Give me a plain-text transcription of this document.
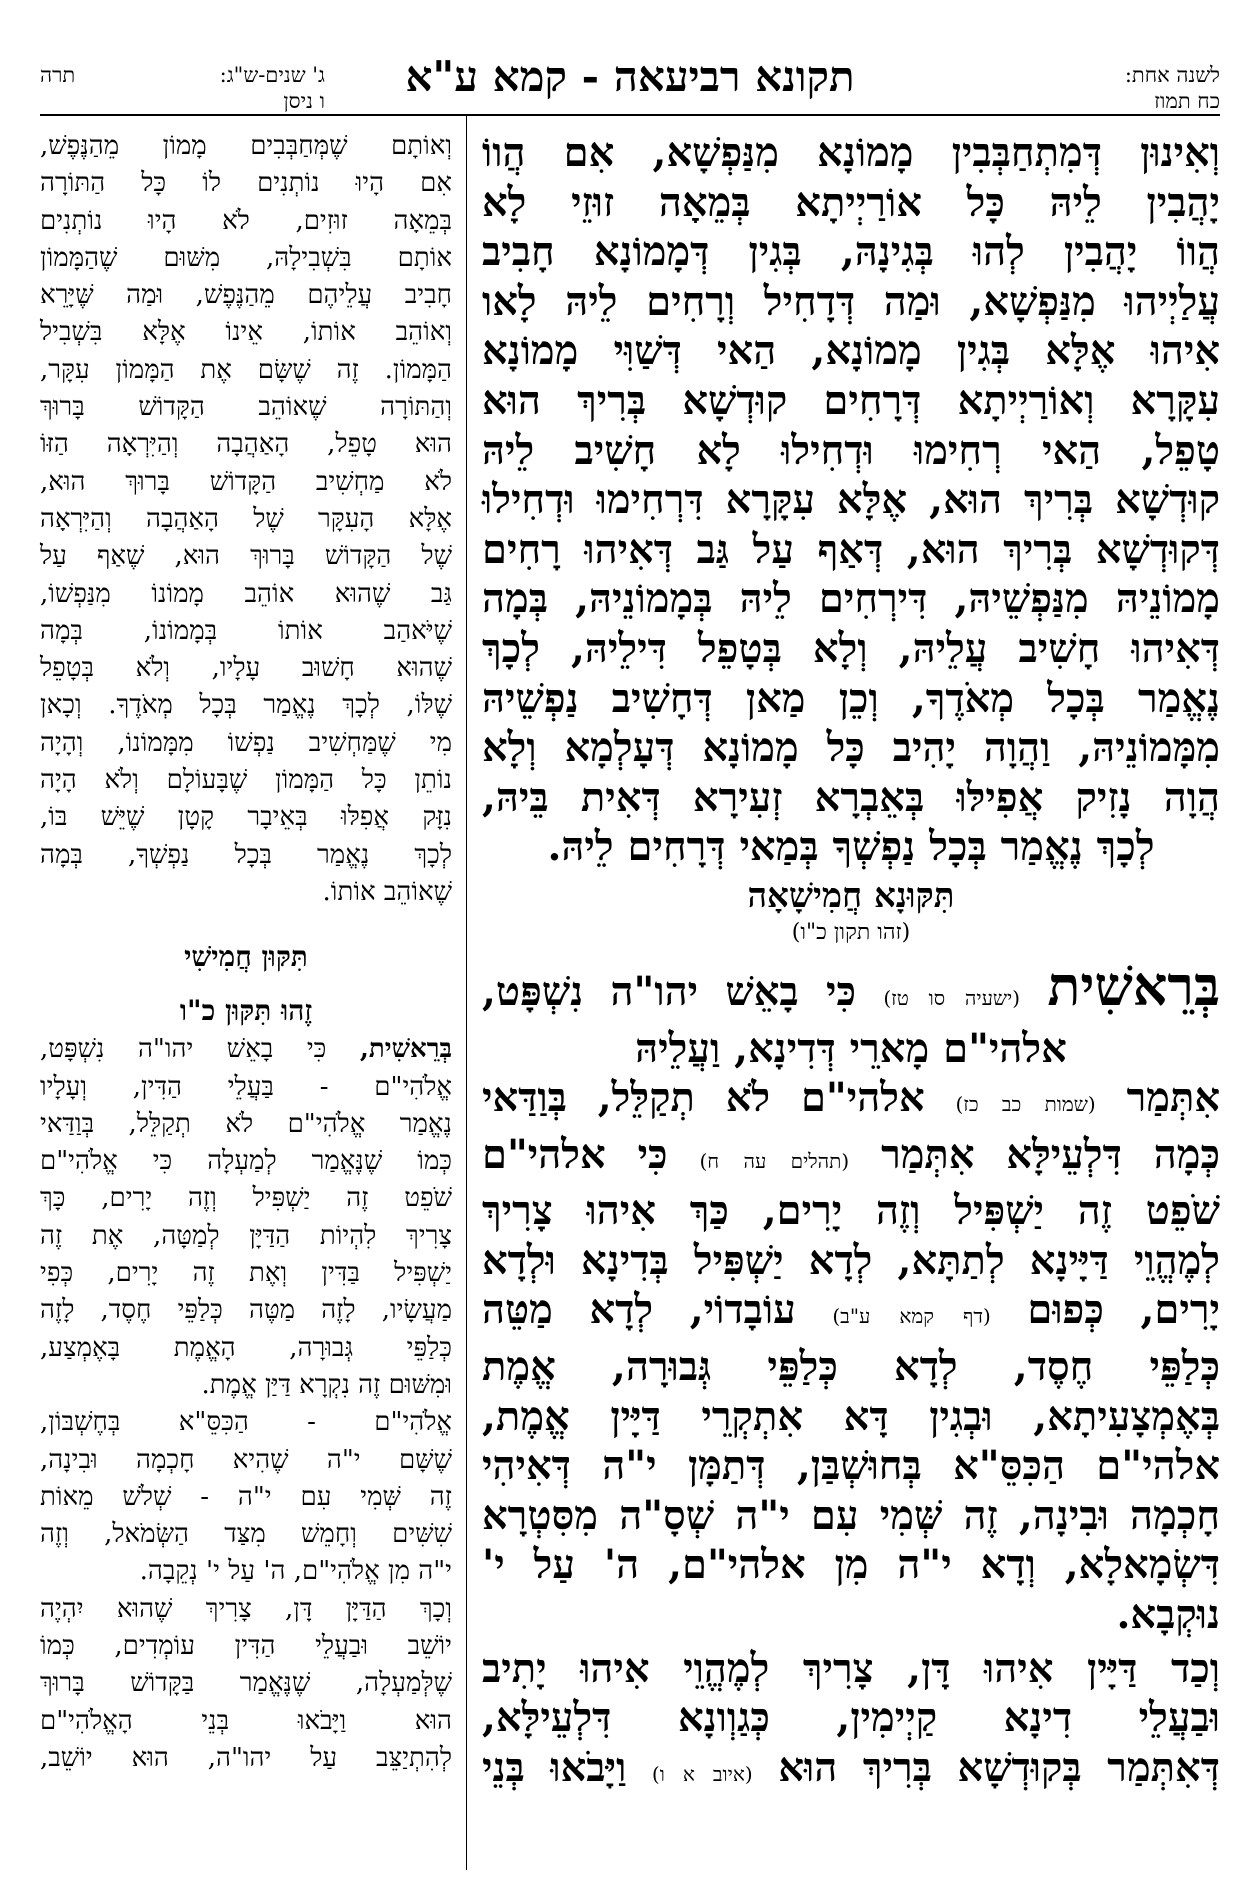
תרה	ג' שנים-ש"ג:
ו ניסן תקונא רביעאה - קמא ע"א	לשנה אחת:
כח תמוז

וְאִינוּן דְּמִתְחַבְּבִין מָמוֹנָא מִנַּפְשָׁא, אִם הֲווֹ

יָהֲבִין לֵיהּ כָּל אוֹרַיְיתָא בְּמֵאָה זוּזֵי לָא

הֲווֹ יָהֲבִין לְהוּ בְּגִינָהּ, בְּגִין דְּמָמוֹנָא חָבִיב

עֲלַיְיהוּ מִנַּפְשָׁא, וּמַה דְּדָחִיל וְרָחִים לֵיהּ לָאו

אִיהוּ אֶלָּא בְּגִין מָמוֹנָא, הַאי דְּשַׁוִּי מָמוֹנָא

עִקָּרָא וְאוֹרַיְיתָא דְּרָחִים קוּדְשָׁא בְּרִיךְ הוּא

טָפֵל, הַאי רְחִימוּ וּדְחִילוּ לָא חָשִׁיב לֵיהּ

קוּדְשָׁא בְּרִיךְ הוּא, אֶלָּא עִקָּרָא דִּרְחִימוּ וּדְחִילוּ

דְּקוּדְשָׁא בְּרִיךְ הוּא, דְּאַף עַל גַּב דְּאִיהוּ רָחִים

מָמוֹנֵיהּ מִנַּפְשֵׁיהּ, דִּירְחִים לֵיהּ בְּמָמוֹנֵיהּ, בְּמָה

דְּאִיהוּ חָשִׁיב עֲלֵיהּ, וְלָא בְּטָפֵל דִּילֵיהּ, לְכָךְ

נֶאֱמַר בְּכָל מְאֹדֶךָ, וְכֵן מַאן דְּחָשִׁיב נַפְשֵׁיהּ

מִמָּמוֹנֵיהּ, וַהֲוָה יָהִיב כָּל מָמוֹנָא דְּעָלְמָא וְלָא

הֲוָה נָזִיק אֲפִילּוּ בְּאֵבְרָא זְעִירָא דְּאִית בֵּיהּ,

לְכָךְ נֶאֱמַר בְּכָל נַפְשְׁךָ בְּמַאי דְּרָחִים לֵיהּ.

תִּקּוּנָא חֲמִישָׁאָה
(זהו תקון כ"ו)

בְּרֵאשִׁית (ישעיה סו טז) כִּי בָאֵשׁ יהו"ה נִשְׁפָּט,

אלהי"ם מָארֵי דְּדִינָא, וַעֲלֵיהּ

אִתְּמַר (שמות כב כז) אלהי"ם לֹא תְקַלֵּל, בְּוַדַּאי

כְּמָה דִּלְעֵילָּא אִתְּמַר (תהלים עה ח) כִּי אלהי"ם

שֹׁפֵט זֶה יַשְׁפִּיל וְזֶה יָרִים, כַּךְ אִיהוּ צָרִיךְ

לְמֶהֱוֵי דַּיָּינָא לְתַתָּא, לְדָא יַשְׁפִּיל בְּדִינָא וּלְדָא

יָרִים, כְּפוּם (דף קמא ע"ב) עוֹבָדוֹי, לְדָא מַטֵּה

כְּלַפֵּי חֶסֶד, לְדָא כְּלַפֵּי גְּבוּרָה, אֱמֶת

בְּאֶמְצָעִיתָא, וּבְגִין דָּא אִתְקְרֵי דַּיָּין אֱמֶת,

אלהי"ם הַכִּסֵּ"א בְּחוּשְׁבַּן, דְּתַמָּן י"ה דְּאִיהִי

חָכְמָה וּבִינָה, זֶה שְּׁמִי עִם י"ה שְׁסָ"ה מִסִּטְרָא

דִּשְׂמָאלָא, וְדָא י"ה מִן אלהי"ם, ה' עַל י'

נוּקְבָא.

וְכַד דַּיָּין אִיהוּ דָּן, צָרִיךְ לְמֶהֱוֵי אִיהוּ יָתִיב

וּבַעֲלֵי דִינָא קַיְימִין, כְּגַוְונָא דִּלְעֵילָּא,

דְּאִתְּמַר בְּקוּדְשָׁא בְּרִיךְ הוּא (איוב א ו) וַיָּבֹאוּ בְּנֵי

וְאוֹתָם שֶׁמְּחַבְּבִים מָמוֹן מֵהַנֶּפֶשׁ,

אִם הָיוּ נוֹתְנִים לוֹ כָּל הַתּוֹרָה

בְּמֵאָה זוּזִים, לֹא הָיוּ נוֹתְנִים

אוֹתָם בִּשְׁבִילָהּ, מִשּׁוּם שֶׁהַמָּמוֹן

חָבִיב עֲלֵיהֶם מֵהַנֶּפֶשׁ, וּמַה שֶּׁיָּרֵא

וְאוֹהֵב אוֹתוֹ, אֵינוֹ אֶלָּא בִּשְׁבִיל

הַמָּמוֹן. זֶה שֶׁשָּׂם אֶת הַמָּמוֹן עִקָּר,

וְהַתּוֹרָה שֶׁאוֹהֵב הַקָּדוֹשׁ בָּרוּךְ

הוּא טָפֵל, הָאַהֲבָה וְהַיִּרְאָה הַזּוֹ

לֹא מַחְשִׁיב הַקָּדוֹשׁ בָּרוּךְ הוּא,

אֶלָּא הָעִקָּר שֶׁל הָאַהֲבָה וְהַיִּרְאָה

שֶׁל הַקָּדוֹשׁ בָּרוּךְ הוּא, שֶׁאַף עַל

גַּב שֶׁהוּא אוֹהֵב מָמוֹנוֹ מִנַּפְשׁוֹ,

שֶׁיֹּאהַב אוֹתוֹ בְּמָמוֹנוֹ, בְּמָה

שֶׁהוּא חָשׁוּב עָלָיו, וְלֹא בְּטָפֵל

שֶׁלּוֹ, לְכָךְ נֶאֱמַר בְּכָל מְאֹדֶךָ. וְכָאן

מִי שֶׁמַּחְשִׁיב נַפְשׁוֹ מִמָּמוֹנוֹ, וְהָיָה

נוֹתֵן כָּל הַמָּמוֹן שֶׁבָּעוֹלָם וְלֹא הָיָה

נִזָּק אֲפִלּוּ בְּאֵיבָר קָטָן שֶׁיֵּשׁ בּוֹ,

לְכָךְ נֶאֱמַר בְּכָל נַפְשְׁךָ, בְּמָה

שֶׁאוֹהֵב אוֹתוֹ.

תִּקּוּן חֲמִישִׁי
זֶהוּ תִּקּוּן כ"ו

בְּרֵאשִׁית, כִּי בָאֵשׁ יהו"ה נִשְׁפָּט,

אֱלֹהִי"ם - בַּעֲלֵי הַדִּין, וְעָלָיו

נֶאֱמַר אֱלֹהִי"ם לֹא תְקַלֵּל, בְּוַדַּאי

כְּמוֹ שֶׁנֶּאֱמַר לְמַעְלָה כִּי אֱלֹהִי"ם

שֹׁפֵט זֶה יַשְׁפִּיל וְזֶה יָרִים, כָּךְ

צָרִיךְ לִהְיוֹת הַדַּיָּן לְמַטָּה, אֶת זֶה

יַשְׁפִּיל בַּדִּין וְאֶת זֶה יָרִים, כְּפִי

מַעֲשָׂיו, לָזֶה מַטֶּה כְּלַפֵּי חֶסֶד, לָזֶה

כְּלַפֵּי גְּבוּרָה, הָאֱמֶת בָּאֶמְצַע,

וּמִשּׁוּם זֶה נִקְרָא דַּיַּן אֱמֶת.

אֱלֹהִי"ם - הַכִּסֵּ"א בְּחֶשְׁבּוֹן,

שֶׁשָּׁם י"ה שֶׁהִיא חָכְמָה וּבִינָה,

זֶה שְּׁמִי עִם י"ה - שְׁלֹשׁ מֵאוֹת

שִׁשִּׁים וְחָמֵשׁ מִצַּד הַשְּׂמֹאל, וְזֶה

י"ה מִן אֱלֹהִי"ם, ה' עַל י' נְקֵבָה.

וְכָךְ הַדַּיָּן דָּן, צָרִיךְ שֶׁהוּא יִהְיֶה

יוֹשֵׁב וּבַעֲלֵי הַדִּין עוֹמְדִים, כְּמוֹ

שֶׁלְּמַעְלָה, שֶׁנֶּאֱמַר בַּקָּדוֹשׁ בָּרוּךְ

הוּא וַיָּבֹאוּ בְּנֵי הָאֱלֹהִי"ם

לְהִתְיַצֵּב עַל יהו"ה, הוּא יוֹשֵׁב,
